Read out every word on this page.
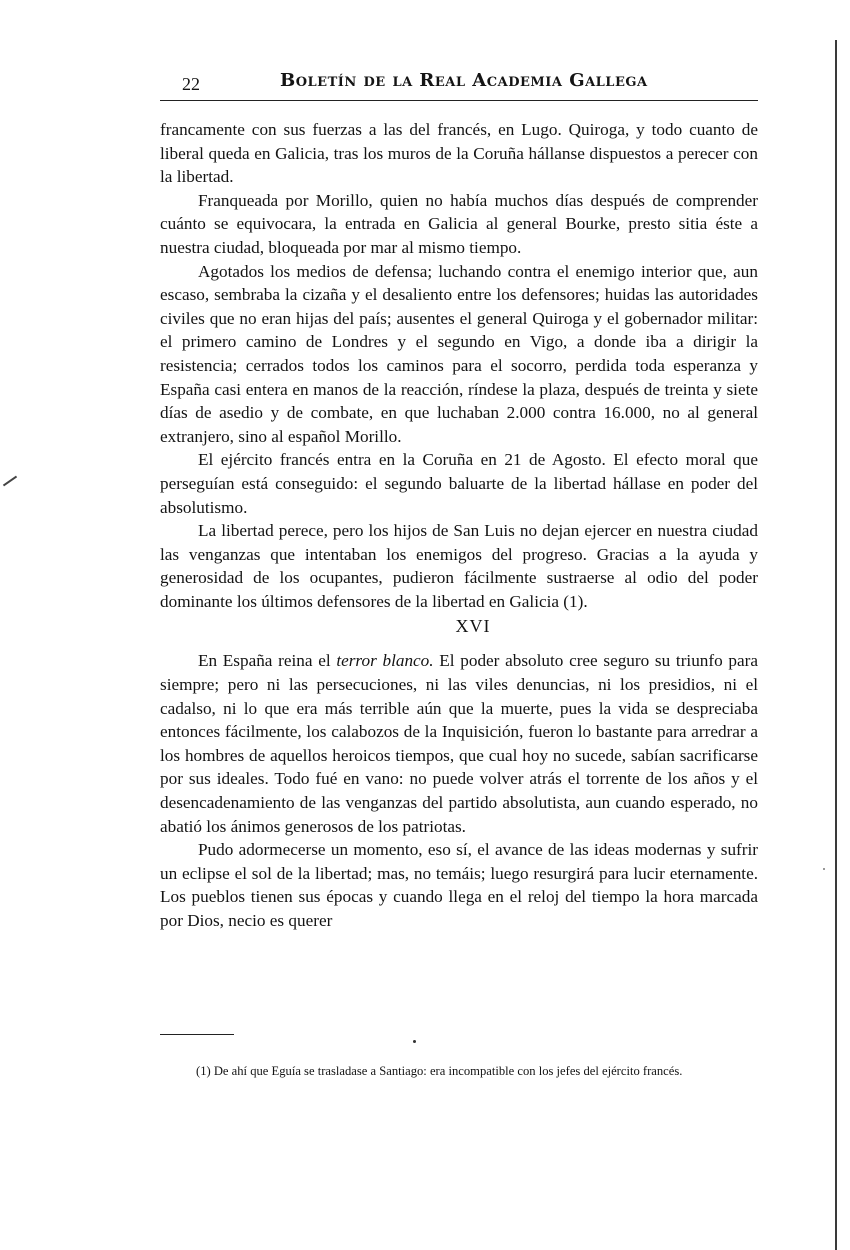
22	Boletín de la Real Academia Gallega

francamente con sus fuerzas a las del francés, en Lugo. Quiroga, y todo cuanto de liberal queda en Galicia, tras los muros de la Coruña hállanse dispuestos a perecer con la libertad.

Franqueada por Morillo, quien no había muchos días después de comprender cuánto se equivocara, la entrada en Galicia al general Bourke, presto sitia éste a nuestra ciudad, bloqueada por mar al mismo tiempo.

Agotados los medios de defensa; luchando contra el enemigo interior que, aun escaso, sembraba la cizaña y el desaliento entre los defensores; huidas las autoridades civiles que no eran hijas del país; ausentes el general Quiroga y el gobernador militar: el primero camino de Londres y el segundo en Vigo, a donde iba a dirigir la resistencia; cerrados todos los caminos para el socorro, perdida toda esperanza y España casi entera en manos de la reacción, ríndese la plaza, después de treinta y siete días de asedio y de combate, en que luchaban 2.000 contra 16.000, no al general extranjero, sino al español Morillo.

El ejército francés entra en la Coruña en 21 de Agosto. El efecto moral que perseguían está conseguido: el segundo baluarte de la libertad hállase en poder del absolutismo.

La libertad perece, pero los hijos de San Luis no dejan ejercer en nuestra ciudad las venganzas que intentaban los enemigos del progreso. Gracias a la ayuda y generosidad de los ocupantes, pudieron fácilmente sustraerse al odio del poder dominante los últimos defensores de la libertad en Galicia (1).

XVI

En España reina el terror blanco. El poder absoluto cree seguro su triunfo para siempre; pero ni las persecuciones, ni las viles denuncias, ni los presidios, ni el cadalso, ni lo que era más terrible aún que la muerte, pues la vida se despreciaba entonces fácilmente, los calabozos de la Inquisición, fueron lo bastante para arredrar a los hombres de aquellos heroicos tiempos, que cual hoy no sucede, sabían sacrificarse por sus ideales. Todo fué en vano: no puede volver atrás el torrente de los años y el desencadenamiento de las venganzas del partido absolutista, aun cuando esperado, no abatió los ánimos generosos de los patriotas.

Pudo adormecerse un momento, eso sí, el avance de las ideas modernas y sufrir un eclipse el sol de la libertad; mas, no temáis; luego resurgirá para lucir eternamente. Los pueblos tienen sus épocas y cuando llega en el reloj del tiempo la hora marcada por Dios, necio es querer

(1) De ahí que Eguía se trasladase a Santiago: era incompatible con los jefes del ejército francés.
